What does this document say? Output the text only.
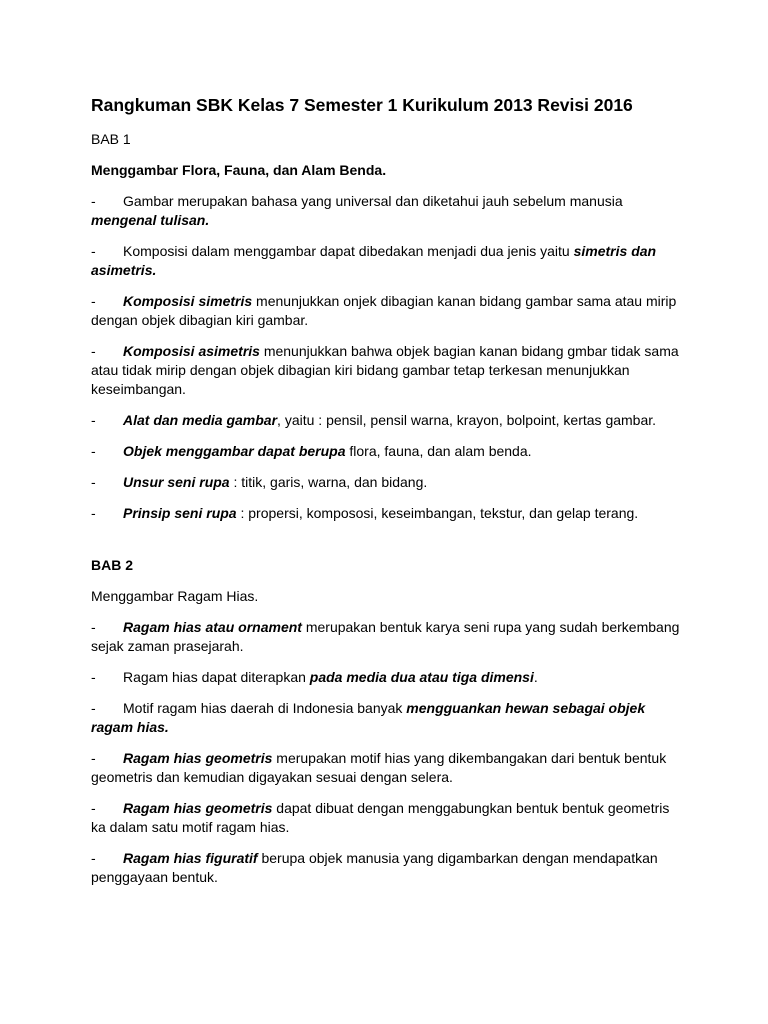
Rangkuman SBK Kelas 7 Semester 1 Kurikulum 2013 Revisi 2016

BAB 1

Menggambar Flora, Fauna, dan Alam Benda.

- Gambar merupakan bahasa yang universal dan diketahui jauh sebelum manusia mengenal tulisan.

- Komposisi dalam menggambar dapat dibedakan menjadi dua jenis yaitu simetris dan asimetris.

- Komposisi simetris menunjukkan onjek dibagian kanan bidang gambar sama atau mirip dengan objek dibagian kiri gambar.

- Komposisi asimetris menunjukkan bahwa objek bagian kanan bidang gmbar tidak sama atau tidak mirip dengan objek dibagian kiri bidang gambar tetap terkesan menunjukkan keseimbangan.

- Alat dan media gambar, yaitu : pensil, pensil warna, krayon, bolpoint, kertas gambar.

- Objek menggambar dapat berupa flora, fauna, dan alam benda.

- Unsur seni rupa : titik, garis, warna, dan bidang.

- Prinsip seni rupa : propersi, kompososi, keseimbangan, tekstur, dan gelap terang.

BAB 2

Menggambar Ragam Hias.

- Ragam hias atau ornament merupakan bentuk karya seni rupa yang sudah berkembang sejak zaman prasejarah.

- Ragam hias dapat diterapkan pada media dua atau tiga dimensi.

- Motif ragam hias daerah di Indonesia banyak mengguankan hewan sebagai objek ragam hias.

- Ragam hias geometris merupakan motif hias yang dikembangakan dari bentuk bentuk geometris dan kemudian digayakan sesuai dengan selera.

- Ragam hias geometris dapat dibuat dengan menggabungkan bentuk bentuk geometris ka dalam satu motif ragam hias.

- Ragam hias figuratif berupa objek manusia yang digambarkan dengan mendapatkan penggayaan bentuk.
